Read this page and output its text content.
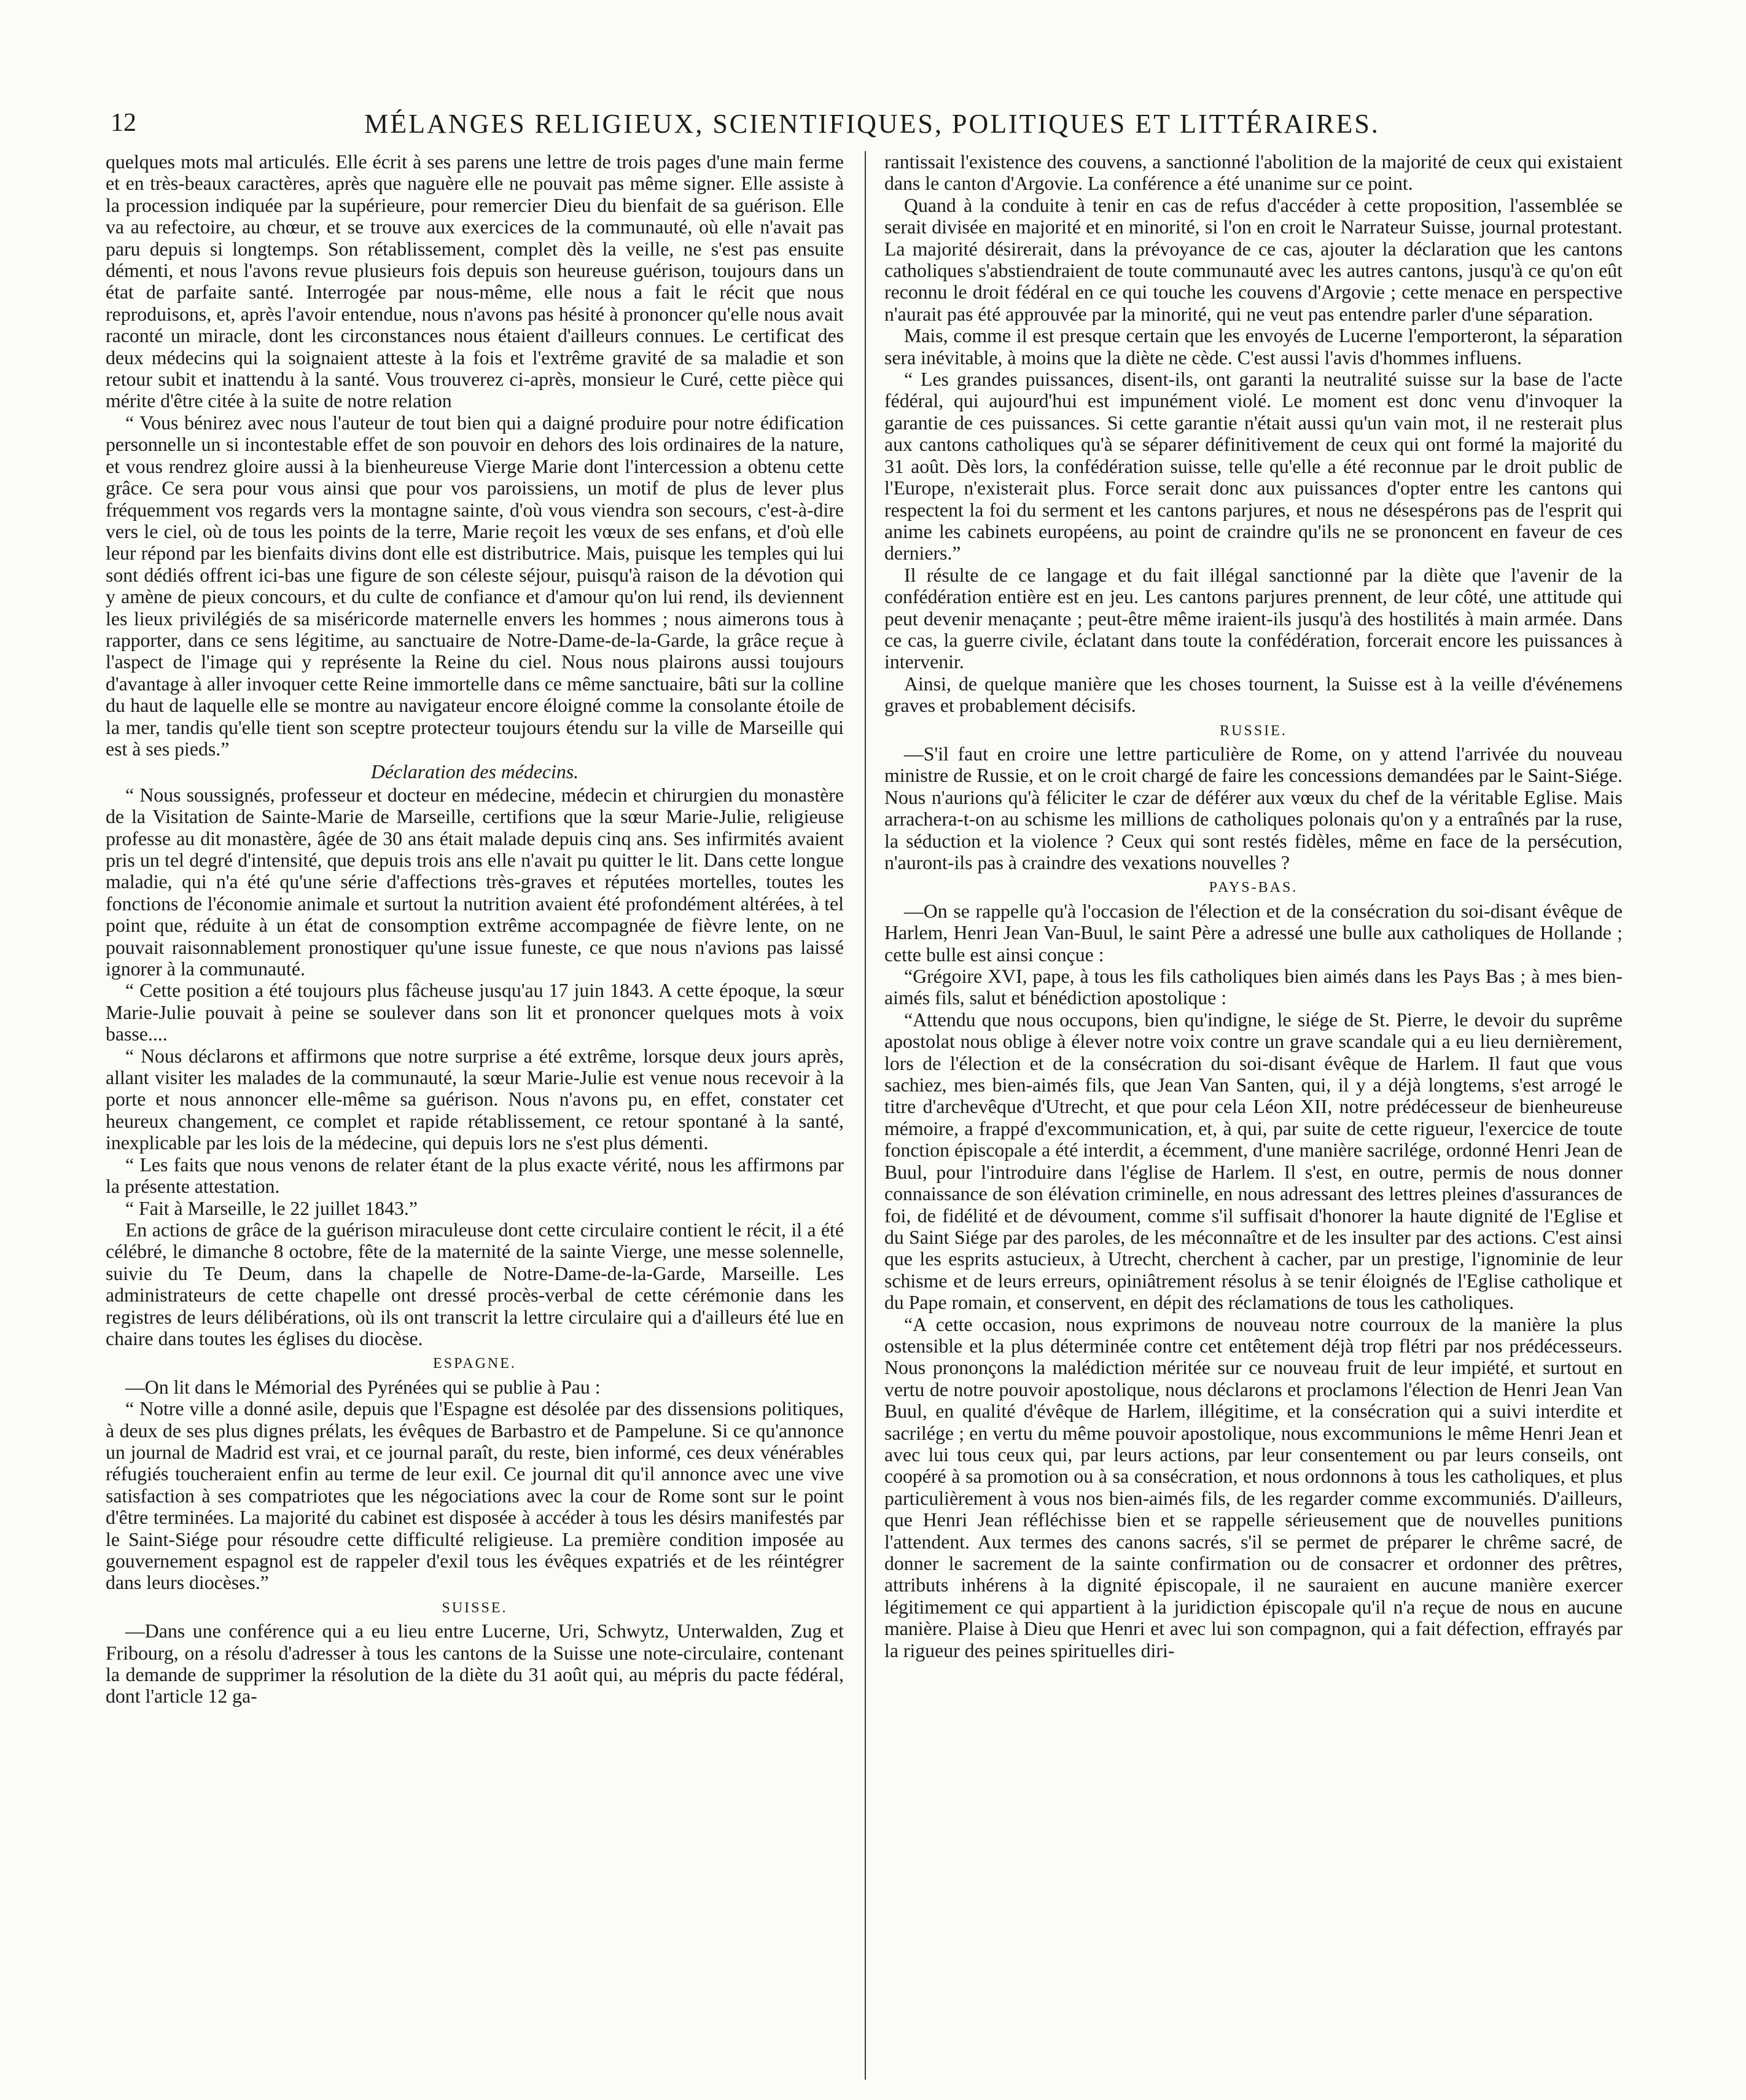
12	MÉLANGES RELIGIEUX, SCIENTIFIQUES, POLITIQUES ET LITTÉRAIRES.

quelques mots mal articulés. Elle écrit à ses parens une lettre de trois pages d'une main ferme et en très-beaux caractères, après que naguère elle ne pouvait pas même signer. Elle assiste à la procession indiquée par la supérieure, pour remercier Dieu du bienfait de sa guérison. Elle va au refectoire, au chœur, et se trouve aux exercices de la communauté, où elle n'avait pas paru depuis si longtemps. Son rétablissement, complet dès la veille, ne s'est pas ensuite démenti, et nous l'avons revue plusieurs fois depuis son heureuse guérison, toujours dans un état de parfaite santé. Interrogée par nous-même, elle nous a fait le récit que nous reproduisons, et, après l'avoir entendue, nous n'avons pas hésité à prononcer qu'elle nous avait raconté un miracle, dont les circonstances nous étaient d'ailleurs connues. Le certificat des deux médecins qui la soignaient atteste à la fois et l'extrême gravité de sa maladie et son retour subit et inattendu à la santé. Vous trouverez ci-après, monsieur le Curé, cette pièce qui mérite d'être citée à la suite de notre relation

“ Vous bénirez avec nous l'auteur de tout bien qui a daigné produire pour notre édification personnelle un si incontestable effet de son pouvoir en dehors des lois ordinaires de la nature, et vous rendrez gloire aussi à la bienheureuse Vierge Marie dont l'intercession a obtenu cette grâce. Ce sera pour vous ainsi que pour vos paroissiens, un motif de plus de lever plus fréquemment vos regards vers la montagne sainte, d'où vous viendra son secours, c'est-à-dire vers le ciel, où de tous les points de la terre, Marie reçoit les vœux de ses enfans, et d'où elle leur répond par les bienfaits divins dont elle est distributrice. Mais, puisque les temples qui lui sont dédiés offrent ici-bas une figure de son céleste séjour, puisqu'à raison de la dévotion qui y amène de pieux concours, et du culte de confiance et d'amour qu'on lui rend, ils deviennent les lieux privilégiés de sa miséricorde maternelle envers les hommes ; nous aimerons tous à rapporter, dans ce sens légitime, au sanctuaire de Notre-Dame-de-la-Garde, la grâce reçue à l'aspect de l'image qui y représente la Reine du ciel. Nous nous plairons aussi toujours d'avantage à aller invoquer cette Reine immortelle dans ce même sanctuaire, bâti sur la colline du haut de laquelle elle se montre au navigateur encore éloigné comme la consolante étoile de la mer, tandis qu'elle tient son sceptre protecteur toujours étendu sur la ville de Marseille qui est à ses pieds.”

Déclaration des médecins.

“ Nous soussignés, professeur et docteur en médecine, médecin et chirurgien du monastère de la Visitation de Sainte-Marie de Marseille, certifions que la sœur Marie-Julie, religieuse professe au dit monastère, âgée de 30 ans était malade depuis cinq ans. Ses infirmités avaient pris un tel degré d'intensité, que depuis trois ans elle n'avait pu quitter le lit. Dans cette longue maladie, qui n'a été qu'une série d'affections très-graves et réputées mortelles, toutes les fonctions de l'économie animale et surtout la nutrition avaient été profondément altérées, à tel point que, réduite à un état de consomption extrême accompagnée de fièvre lente, on ne pouvait raisonnablement pronostiquer qu'une issue funeste, ce que nous n'avions pas laissé ignorer à la communauté.

“ Cette position a été toujours plus fâcheuse jusqu'au 17 juin 1843. A cette époque, la sœur Marie-Julie pouvait à peine se soulever dans son lit et prononcer quelques mots à voix basse....

“ Nous déclarons et affirmons que notre surprise a été extrême, lorsque deux jours après, allant visiter les malades de la communauté, la sœur Marie-Julie est venue nous recevoir à la porte et nous annoncer elle-même sa guérison. Nous n'avons pu, en effet, constater cet heureux changement, ce complet et rapide rétablissement, ce retour spontané à la santé, inexplicable par les lois de la médecine, qui depuis lors ne s'est plus démenti.

“ Les faits que nous venons de relater étant de la plus exacte vérité, nous les affirmons par la présente attestation.

“ Fait à Marseille, le 22 juillet 1843.”

En actions de grâce de la guérison miraculeuse dont cette circulaire contient le récit, il a été célébré, le dimanche 8 octobre, fête de la maternité de la sainte Vierge, une messe solennelle, suivie du Te Deum, dans la chapelle de Notre-Dame-de-la-Garde, Marseille. Les administrateurs de cette chapelle ont dressé procès-verbal de cette cérémonie dans les registres de leurs délibérations, où ils ont transcrit la lettre circulaire qui a d'ailleurs été lue en chaire dans toutes les églises du diocèse.

ESPAGNE.

—On lit dans le Mémorial des Pyrénées qui se publie à Pau :

“ Notre ville a donné asile, depuis que l'Espagne est désolée par des dissensions politiques, à deux de ses plus dignes prélats, les évêques de Barbastro et de Pampelune. Si ce qu'annonce un journal de Madrid est vrai, et ce journal paraît, du reste, bien informé, ces deux vénérables réfugiés toucheraient enfin au terme de leur exil. Ce journal dit qu'il annonce avec une vive satisfaction à ses compatriotes que les négociations avec la cour de Rome sont sur le point d'être terminées. La majorité du cabinet est disposée à accéder à tous les désirs manifestés par le Saint-Siége pour résoudre cette difficulté religieuse. La première condition imposée au gouvernement espagnol est de rappeler d'exil tous les évêques expatriés et de les réintégrer dans leurs diocèses.”

SUISSE.

—Dans une conférence qui a eu lieu entre Lucerne, Uri, Schwytz, Unterwalden, Zug et Fribourg, on a résolu d'adresser à tous les cantons de la Suisse une note-circulaire, contenant la demande de supprimer la résolution de la diète du 31 août qui, au mépris du pacte fédéral, dont l'article 12 ga-

rantissait l'existence des couvens, a sanctionné l'abolition de la majorité de ceux qui existaient dans le canton d'Argovie. La conférence a été unanime sur ce point.

Quand à la conduite à tenir en cas de refus d'accéder à cette proposition, l'assemblée se serait divisée en majorité et en minorité, si l'on en croit le Narrateur Suisse, journal protestant. La majorité désirerait, dans la prévoyance de ce cas, ajouter la déclaration que les cantons catholiques s'abstiendraient de toute communauté avec les autres cantons, jusqu'à ce qu'on eût reconnu le droit fédéral en ce qui touche les couvens d'Argovie ; cette menace en perspective n'aurait pas été approuvée par la minorité, qui ne veut pas entendre parler d'une séparation.

Mais, comme il est presque certain que les envoyés de Lucerne l'emporteront, la séparation sera inévitable, à moins que la diète ne cède. C'est aussi l'avis d'hommes influens.

“ Les grandes puissances, disent-ils, ont garanti la neutralité suisse sur la base de l'acte fédéral, qui aujourd'hui est impunément violé. Le moment est donc venu d'invoquer la garantie de ces puissances. Si cette garantie n'était aussi qu'un vain mot, il ne resterait plus aux cantons catholiques qu'à se séparer définitivement de ceux qui ont formé la majorité du 31 août. Dès lors, la confédération suisse, telle qu'elle a été reconnue par le droit public de l'Europe, n'existerait plus. Force serait donc aux puissances d'opter entre les cantons qui respectent la foi du serment et les cantons parjures, et nous ne désespérons pas de l'esprit qui anime les cabinets européens, au point de craindre qu'ils ne se prononcent en faveur de ces derniers.”

Il résulte de ce langage et du fait illégal sanctionné par la diète que l'avenir de la confédération entière est en jeu. Les cantons parjures prennent, de leur côté, une attitude qui peut devenir menaçante ; peut-être même iraient-ils jusqu'à des hostilités à main armée. Dans ce cas, la guerre civile, éclatant dans toute la confédération, forcerait encore les puissances à intervenir.

Ainsi, de quelque manière que les choses tournent, la Suisse est à la veille d'événemens graves et probablement décisifs.

RUSSIE.

—S'il faut en croire une lettre particulière de Rome, on y attend l'arrivée du nouveau ministre de Russie, et on le croit chargé de faire les concessions demandées par le Saint-Siége. Nous n'aurions qu'à féliciter le czar de déférer aux vœux du chef de la véritable Eglise. Mais arrachera-t-on au schisme les millions de catholiques polonais qu'on y a entraînés par la ruse, la séduction et la violence ? Ceux qui sont restés fidèles, même en face de la persécution, n'auront-ils pas à craindre des vexations nouvelles ?

PAYS-BAS.

—On se rappelle qu'à l'occasion de l'élection et de la consécration du soi-disant évêque de Harlem, Henri Jean Van-Buul, le saint Père a adressé une bulle aux catholiques de Hollande ; cette bulle est ainsi conçue :

“Grégoire XVI, pape, à tous les fils catholiques bien aimés dans les Pays Bas ; à mes bien-aimés fils, salut et bénédiction apostolique :

“Attendu que nous occupons, bien qu'indigne, le siége de St. Pierre, le devoir du suprême apostolat nous oblige à élever notre voix contre un grave scandale qui a eu lieu dernièrement, lors de l'élection et de la consécration du soi-disant évêque de Harlem. Il faut que vous sachiez, mes bien-aimés fils, que Jean Van Santen, qui, il y a déjà longtems, s'est arrogé le titre d'archevêque d'Utrecht, et que pour cela Léon XII, notre prédécesseur de bienheureuse mémoire, a frappé d'excommunication, et, à qui, par suite de cette rigueur, l'exercice de toute fonction épiscopale a été interdit, a écemment, d'une manière sacrilége, ordonné Henri Jean de Buul, pour l'introduire dans l'église de Harlem. Il s'est, en outre, permis de nous donner connaissance de son élévation criminelle, en nous adressant des lettres pleines d'assurances de foi, de fidélité et de dévoument, comme s'il suffisait d'honorer la haute dignité de l'Eglise et du Saint Siége par des paroles, de les méconnaître et de les insulter par des actions. C'est ainsi que les esprits astucieux, à Utrecht, cherchent à cacher, par un prestige, l'ignominie de leur schisme et de leurs erreurs, opiniâtrement résolus à se tenir éloignés de l'Eglise catholique et du Pape romain, et conservent, en dépit des réclamations de tous les catholiques.

“A cette occasion, nous exprimons de nouveau notre courroux de la manière la plus ostensible et la plus déterminée contre cet entêtement déjà trop flétri par nos prédécesseurs. Nous prononçons la malédiction méritée sur ce nouveau fruit de leur impiété, et surtout en vertu de notre pouvoir apostolique, nous déclarons et proclamons l'élection de Henri Jean Van Buul, en qualité d'évêque de Harlem, illégitime, et la consécration qui a suivi interdite et sacrilége ; en vertu du même pouvoir apostolique, nous excommunions le même Henri Jean et avec lui tous ceux qui, par leurs actions, par leur consentement ou par leurs conseils, ont coopéré à sa promotion ou à sa consécration, et nous ordonnons à tous les catholiques, et plus particulièrement à vous nos bien-aimés fils, de les regarder comme excommuniés. D'ailleurs, que Henri Jean réfléchisse bien et se rappelle sérieusement que de nouvelles punitions l'attendent. Aux termes des canons sacrés, s'il se permet de préparer le chrême sacré, de donner le sacrement de la sainte confirmation ou de consacrer et ordonner des prêtres, attributs inhérens à la dignité épiscopale, il ne sauraient en aucune manière exercer légitimement ce qui appartient à la juridiction épiscopale qu'il n'a reçue de nous en aucune manière. Plaise à Dieu que Henri et avec lui son compagnon, qui a fait défection, effrayés par la rigueur des peines spirituelles diri-
